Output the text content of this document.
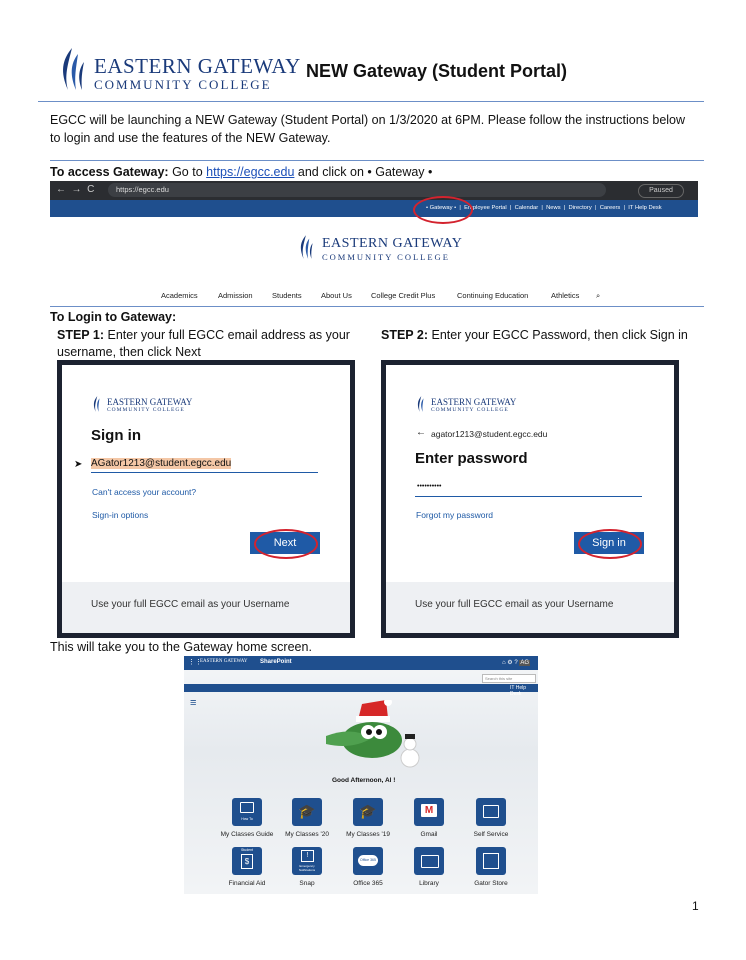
EASTERN GATEWAY
COMMUNITY COLLEGE
NEW Gateway (Student Portal)
EGCC will be launching a NEW Gateway (Student Portal) on 1/3/2020 at 6PM. Please follow the instructions below to login and use the features of the NEW Gateway.
To access Gateway: Go to https://egcc.edu and click on • Gateway •
←  →  C	https://egcc.edu	Paused
• Gateway •  |  Employee Portal  |  Calendar  |  News  |  Directory  |  Careers  |  IT Help Desk
EASTERN GATEWAY
COMMUNITY COLLEGE
Academics	Admission	Students	About Us	College Credit Plus	Continuing Education	Athletics ⌕
To Login to Gateway:
STEP 1: Enter your full EGCC email address as your username, then click Next
STEP 2: Enter your EGCC Password, then click Sign in
EASTERN GATEWAY
COMMUNITY COLLEGE
Sign in
AGator1213@student.egcc.edu
➤
Can't access your account?
Sign-in options
Next
Use your full EGCC email as your Username
EASTERN GATEWAY
COMMUNITY COLLEGE
← agator1213@student.egcc.edu
Enter password
••••••••••
Forgot my password
Sign in
Use your full EGCC email as your Username
This will take you to the Gateway home screen.
⋮⋮
EASTERN GATEWAY SharePoint	⌂ ⚙ ? AG
Search this site
IT Help Desk
≡
Good Afternoon, Al !
How To	🎓	🎓	M
My Classes Guide	My Classes '20	My Classes '19	Gmail	Self Service
Student
$
!
Emergency Notifications
Office 365
Financial Aid	Snap	Office 365	Library	Gator Store
1
